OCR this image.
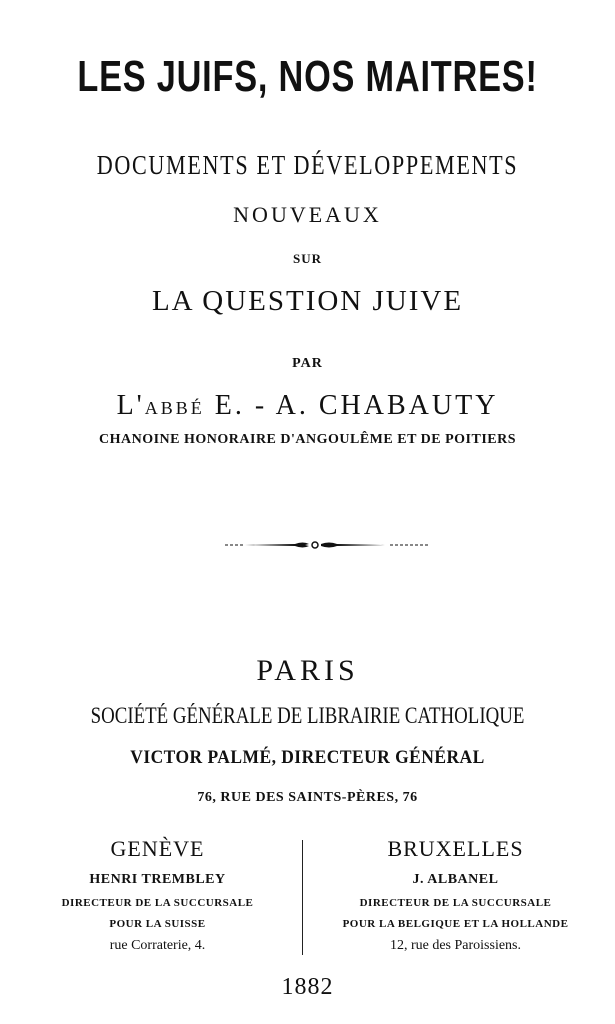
LES JUIFS, NOS MAITRES!
DOCUMENTS ET DÉVELOPPEMENTS
NOUVEAUX
SUR
LA QUESTION JUIVE
PAR
L'ABBÉ E. - A. CHABAUTY
CHANOINE HONORAIRE D'ANGOULÊME ET DE POITIERS
PARIS
SOCIÉTÉ GÉNÉRALE DE LIBRAIRIE CATHOLIQUE
VICTOR PALMÉ, DIRECTEUR GÉNÉRAL
76, RUE DES SAINTS-PÈRES, 76
GENÈVE
HENRI TREMBLEY
DIRECTEUR DE LA SUCCURSALE
POUR LA SUISSE
rue Corraterie, 4.
BRUXELLES
J. ALBANEL
DIRECTEUR DE LA SUCCURSALE
POUR LA BELGIQUE ET LA HOLLANDE
12, rue des Paroissiens.
1882
